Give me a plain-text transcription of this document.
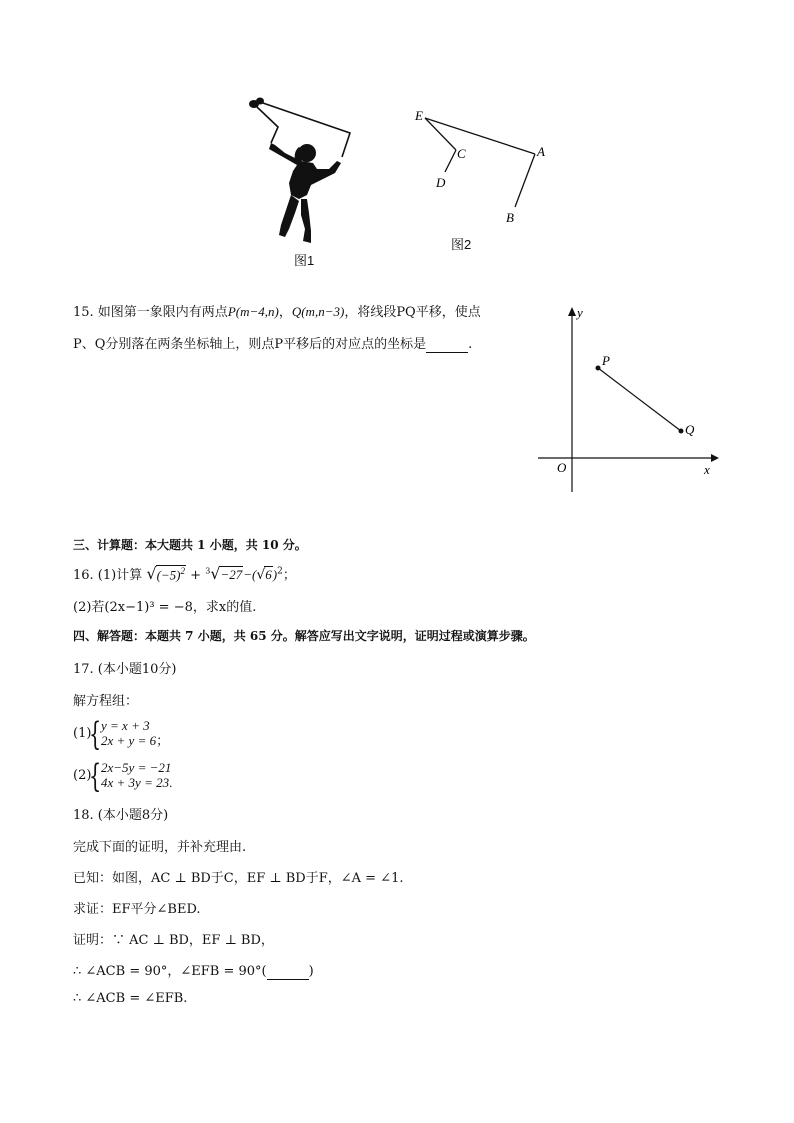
图1
E
C
D
A
B
图2
15. 如图第一象限内有两点P(m−4,n)，Q(m,n−3)，将线段PQ平移，使点
P、Q分别落在两条坐标轴上，则点P平移后的对应点的坐标是	.
y
x
O
P
Q
三、计算题：本大题共 1 小题，共 10 分。
16. (1)计算 $√(-5)^2 + ^3√-27-(√6)^2$；
(2)若(2x−1)³ = −8，求x的值.
四、解答题：本题共 7 小题，共 65 分。解答应写出文字说明，证明过程或演算步骤。
17. (本小题10分)
解方程组：
(1)
{ y = x + 3
2x + y = 6；
(2)
{ 2x−5y = −21
4x + 3y = 23.
18. (本小题8分)
完成下面的证明，并补充理由.
已知：如图，AC ⊥ BD于C，EF ⊥ BD于F，∠A = ∠1.
求证：EF平分∠BED.
证明：∵ AC ⊥ BD，EF ⊥ BD，
∴ ∠ACB = 90°，∠EFB = 90°(	)
∴ ∠ACB = ∠EFB.
